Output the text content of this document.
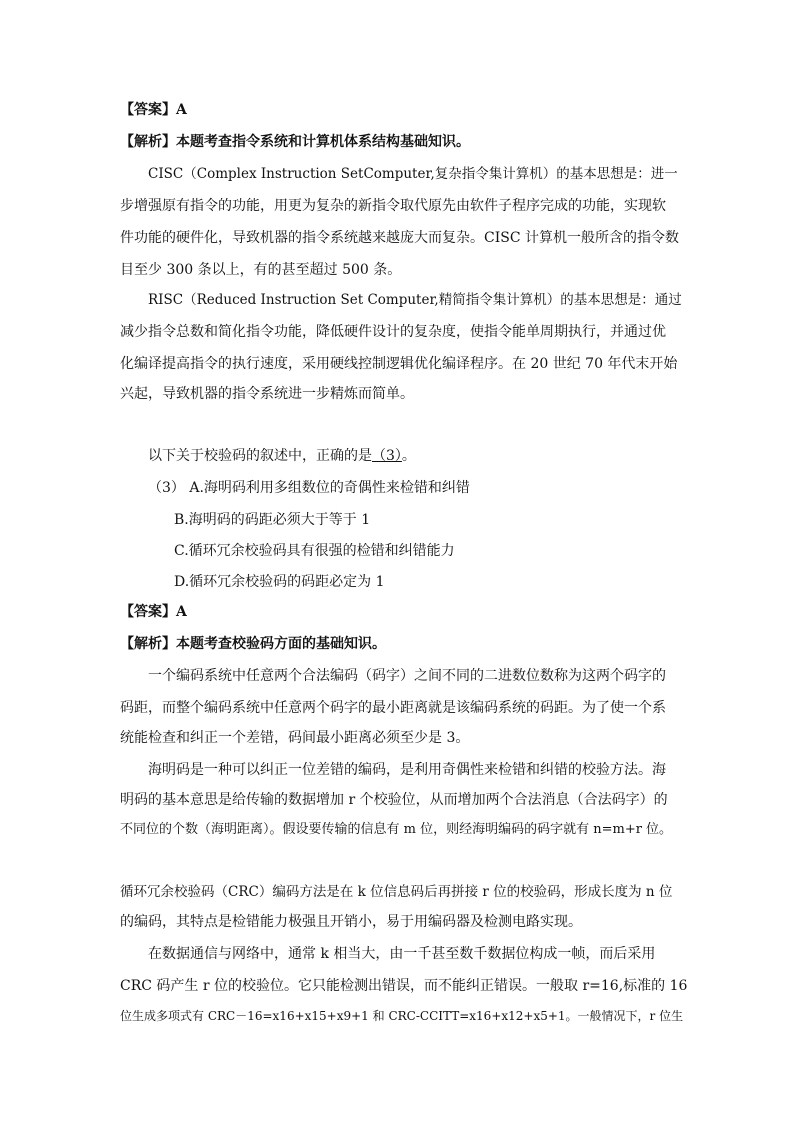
【答案】A
【解析】本题考查指令系统和计算机体系结构基础知识。
CISC（Complex Instruction SetComputer,复杂指令集计算机）的基本思想是：进一
步增强原有指令的功能，用更为复杂的新指令取代原先由软件子程序完成的功能，实现软
件功能的硬件化，导致机器的指令系统越来越庞大而复杂。CISC 计算机一般所含的指令数
目至少 300 条以上，有的甚至超过 500 条。
RISC（Reduced Instruction Set Computer,精简指令集计算机）的基本思想是：通过
减少指令总数和简化指令功能，降低硬件设计的复杂度，使指令能单周期执行，并通过优
化编译提高指令的执行速度，采用硬线控制逻辑优化编译程序。在 20 世纪 70 年代末开始
兴起，导致机器的指令系统进一步精炼而简单。
以下关于校验码的叙述中，正确的是（3）。
（3） A.海明码利用多组数位的奇偶性来检错和纠错
B.海明码的码距必须大于等于 1
C.循环冗余校验码具有很强的检错和纠错能力
D.循环冗余校验码的码距必定为 1
【答案】A
【解析】本题考查校验码方面的基础知识。
一个编码系统中任意两个合法编码（码字）之间不同的二进数位数称为这两个码字的
码距，而整个编码系统中任意两个码字的最小距离就是该编码系统的码距。为了使一个系
统能检查和纠正一个差错，码间最小距离必须至少是 3。
海明码是一种可以纠正一位差错的编码，是利用奇偶性来检错和纠错的校验方法。海
明码的基本意思是给传输的数据增加 r 个校验位，从而增加两个合法消息（合法码字）的
不同位的个数（海明距离）。假设要传输的信息有 m 位，则经海明编码的码字就有 n=m+r 位。
循环冗余校验码（CRC）编码方法是在 k 位信息码后再拼接 r 位的校验码，形成长度为 n 位
的编码，其特点是检错能力极强且开销小，易于用编码器及检测电路实现。
在数据通信与网络中，通常 k 相当大，由一千甚至数千数据位构成一帧，而后采用
CRC 码产生 r 位的校验位。它只能检测出错误，而不能纠正错误。一般取 r=16,标准的 16
位生成多项式有 CRC－16=x16+x15+x9+1 和 CRC-CCITT=x16+x12+x5+1。一般情况下，r 位生
